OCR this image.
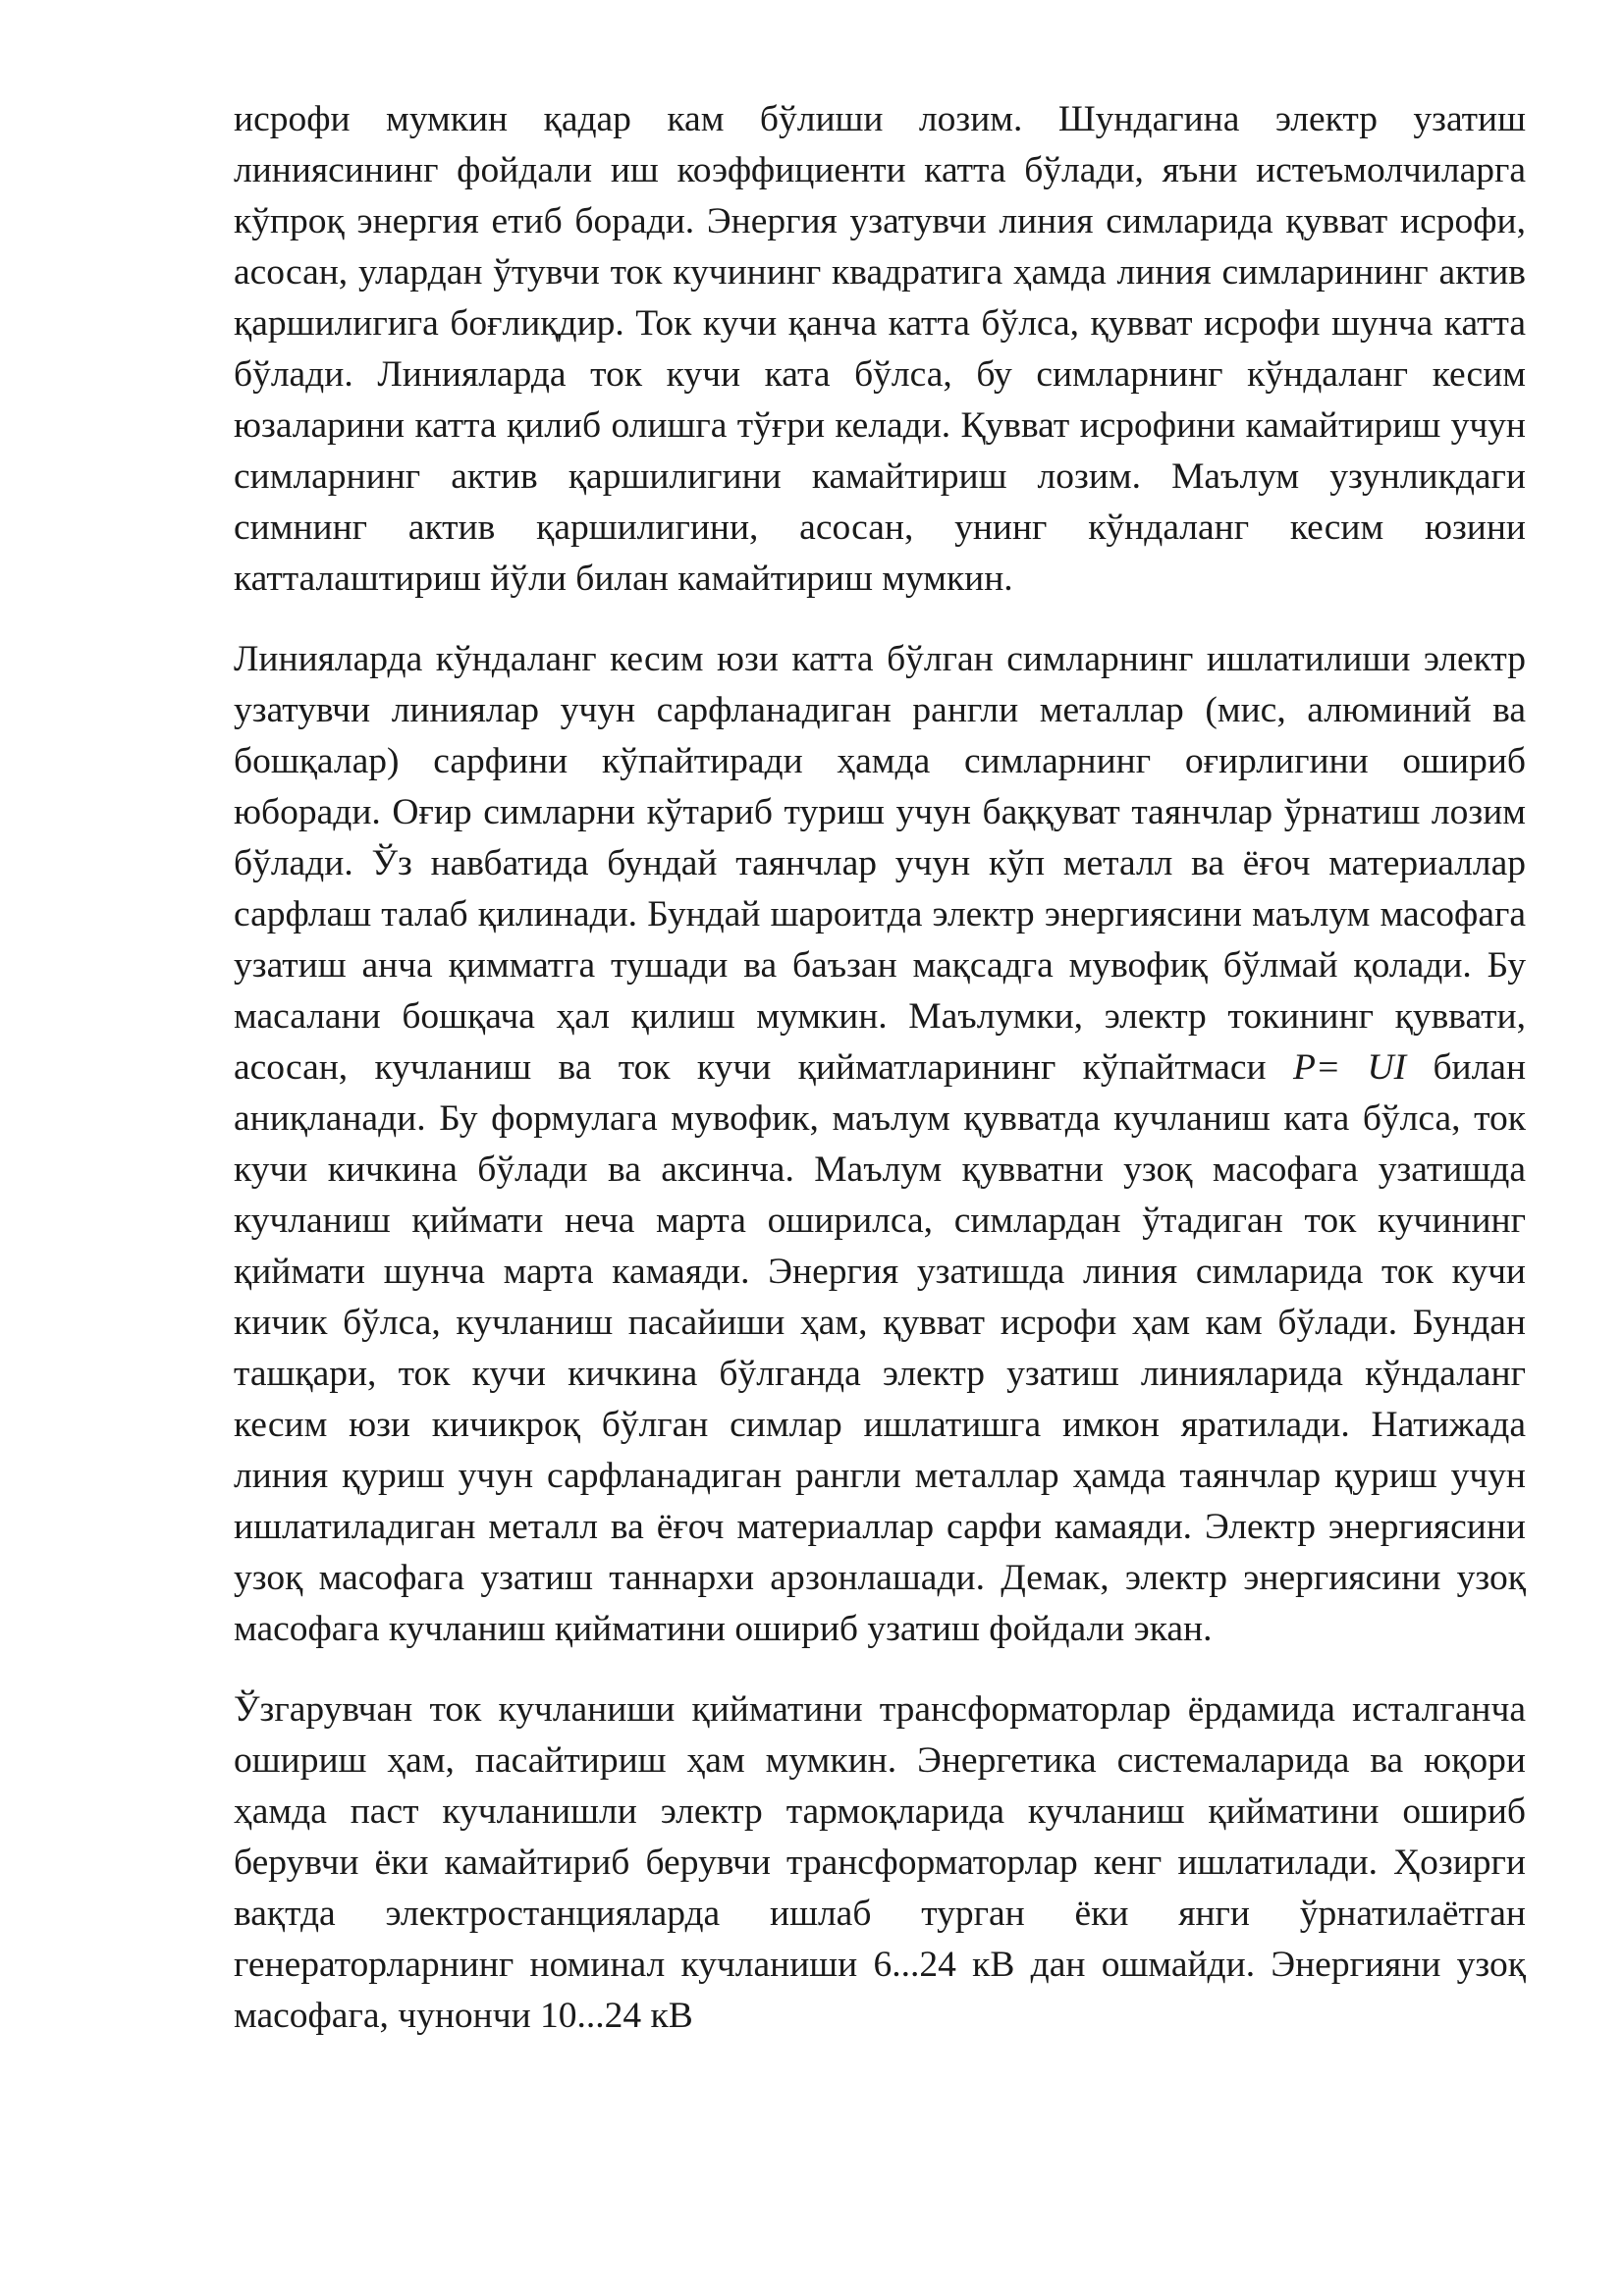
исрофи мумкин қадар кам бўлиши лозим. Шундагина электр узатиш линиясининг фойдали иш коэффициенти катта бўлади, яъни истеъмолчиларга кўпроқ энергия етиб боради. Энергия узатувчи линия симларида қувват исрофи, асосан, улардан ўтувчи ток кучининг квадратига ҳамда линия симларининг актив қаршилигига боғлиқдир. Ток кучи қанча катта бўлса, қувват исрофи шунча катта бўлади. Линияларда ток кучи ката бўлса, бу симларнинг кўндаланг кесим юзаларини катта қилиб олишга тўғри келади. Қувват исрофини камайтириш учун симларнинг актив қаршилигини камайтириш лозим. Маълум узунликдаги симнинг актив қаршилигини, асосан, унинг кўндаланг кесим юзини катталаштириш йўли билан камайтириш мумкин.

Линияларда кўндаланг кесим юзи катта бўлган симларнинг ишлатилиши электр узатувчи линиялар учун сарфланадиган рангли металлар (мис, алюминий ва бошқалар) сарфини кўпайтиради ҳамда симларнинг оғирлигини ошириб юборади. Оғир симларни кўтариб туриш учун баққуват таянчлар ўрнатиш лозим бўлади. Ўз навбатида бундай таянчлар учун кўп металл ва ёғоч материаллар сарфлаш талаб қилинади. Бундай шароитда электр энергиясини маълум масофага узатиш анча қимматга тушади ва баъзан мақсадга мувофиқ бўлмай қолади. Бу масалани бошқача ҳал қилиш мумкин. Маълумки, электр токининг қуввати, асосан, кучланиш ва ток кучи қийматларининг кўпайтмаси P= UI билан аниқланади. Бу формулага мувофик, маълум қувватда кучланиш ката бўлса, ток кучи кичкина бўлади ва аксинча. Маълум қувватни узоқ масофага узатишда кучланиш қиймати неча марта оширилса, симлардан ўтадиган ток кучининг қиймати шунча марта камаяди. Энергия узатишда линия симларида ток кучи кичик бўлса, кучланиш пасайиши ҳам, қувват исрофи ҳам кам бўлади. Бундан ташқари, ток кучи кичкина бўлганда электр узатиш линияларида кўндаланг кесим юзи кичикроқ бўлган симлар ишлатишга имкон яратилади. Натижада линия қуриш учун сарфланадиган рангли металлар ҳамда таянчлар қуриш учун ишлатиладиган металл ва ёғоч материаллар сарфи камаяди. Электр энергиясини узоқ масофага узатиш таннархи арзонлашади. Демак, электр энергиясини узоқ масофага кучланиш қийматини ошириб узатиш фойдали экан.

Ўзгарувчан ток кучланиши қийматини трансформаторлар ёрдамида исталганча ошириш ҳам, пасайтириш ҳам мумкин. Энергетика системаларида ва юқори ҳамда паст кучланишли электр тармоқларида кучланиш қийматини ошириб берувчи ёки камайтириб берувчи трансформаторлар кенг ишлатилади. Ҳозирги вақтда электростанцияларда ишлаб турган ёки янги ўрнатилаётган генераторларнинг номинал кучланиши 6...24 кВ дан ошмайди. Энергияни узоқ масофага, чунончи 10...24 кВ
